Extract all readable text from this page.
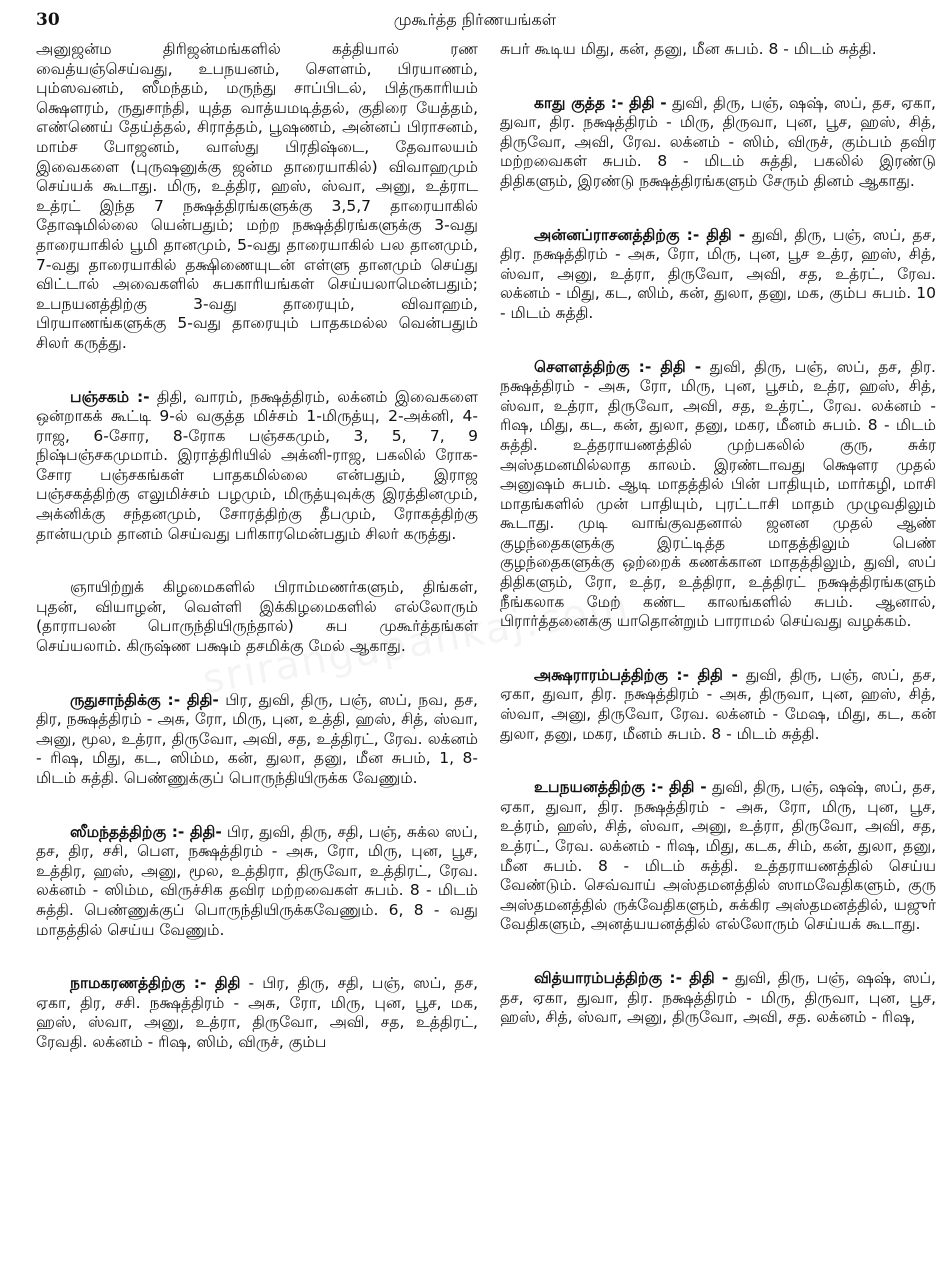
30	முகூர்த்த நிர்ணயங்கள்

அனுஜன்ம திரிஜன்மங்களில் கத்தியால் ரண வைத்யஞ்செய்வது, உபநயனம், சௌளம், பிரயாணம், பும்ஸவனம், ஸீமந்தம், மருந்து சாப்பிடல், பித்ருகாரியம் க்ஷௌரம், ருதுசாந்தி, யுத்த வாத்யமடித்தல், குதிரை யேத்தம், எண்ணெய் தேய்த்தல், சிராத்தம், பூஷணம், அன்னப் பிராசனம், மாம்ச போஜனம், வாஸ்து பிரதிஷ்டை, தேவாலயம் இவைகளை (புருஷனுக்கு ஜன்ம தாரையாகில்) விவாஹமும் செய்யக் கூடாது. மிரு, உத்திர, ஹஸ், ஸ்வா, அனு, உத்ராட உத்ரட் இந்த 7 நக்ஷத்திரங்களுக்கு 3,5,7 தாரையாகில் தோஷமில்லை யென்பதும்; மற்ற நக்ஷத்திரங்களுக்கு 3-வது தாரையாகில் பூமி தானமும், 5-வது தாரையாகில் பல தானமும், 7-வது தாரையாகில் தக்ஷிணையுடன் எள்ளு தானமும் செய்து விட்டால் அவைகளில் சுபகாரியங்கள் செய்யலாமென்பதும்; உபநயனத்திற்கு 3-வது தாரையும், விவாஹம், பிரயாணங்களுக்கு 5-வது தாரையும் பாதகமல்ல வென்பதும் சிலர் கருத்து.

பஞ்சகம் :- திதி, வாரம், நக்ஷத்திரம், லக்னம் இவைகளை ஒன்றாகக் கூட்டி 9-ல் வகுத்த மிச்சம் 1-மிருத்யு, 2-அக்னி, 4-ராஜ, 6-சோர, 8-ரோக பஞ்சகமும், 3, 5, 7, 9 நிஷ்பஞ்சகமுமாம். இராத்திரியில் அக்னி-ராஜ, பகலில் ரோக-சோர பஞ்சகங்கள் பாதகமில்லை என்பதும், இராஜ பஞ்சகத்திற்கு எலுமிச்சம் பழமும், மிருத்யுவுக்கு இரத்தினமும், அக்னிக்கு சந்தனமும், சோரத்திற்கு தீபமும், ரோகத்திற்கு தான்யமும் தானம் செய்வது பரிகாரமென்பதும் சிலர் கருத்து.

ஞாயிற்றுக் கிழமைகளில் பிராம்மணர்களும், திங்கள், புதன், வியாழன், வெள்ளி இக்கிழமைகளில் எல்லோரும் (தாராபலன் பொருந்தியிருந்தால்) சுப முகூர்த்தங்கள் செய்யலாம். கிருஷ்ண பக்ஷம் தசமிக்கு மேல் ஆகாது.

ருதுசாந்திக்கு :- திதி- பிர, துவி, திரு, பஞ், ஸப், நவ, தச, திர, நக்ஷத்திரம் - அசு, ரோ, மிரு, புன, உத்தி, ஹஸ், சித், ஸ்வா, அனு, மூல, உத்ரா, திருவோ, அவி, சத, உத்திரட், ரேவ. லக்னம் - ரிஷ, மிது, கட, ஸிம்ம, கன், துலா, தனு, மீன சுபம், 1, 8-மிடம் சுத்தி. பெண்ணுக்குப் பொருந்தியிருக்க வேணும்.

ஸீமந்தத்திற்கு :- திதி- பிர, துவி, திரு, சதி, பஞ், சுக்ல ஸப், தச, திர, சசி, பௌ, நக்ஷத்திரம் - அசு, ரோ, மிரு, புன, பூச, உத்திர, ஹஸ், அனு, மூல, உத்திரா, திருவோ, உத்திரட், ரேவ. லக்னம் - ஸிம்ம, விருச்சிக தவிர மற்றவைகள் சுபம். 8 - மிடம் சுத்தி. பெண்ணுக்குப் பொருந்தியிருக்கவேணும். 6, 8 - வது மாதத்தில் செய்ய வேணும்.

நாமகரணத்திற்கு :- திதி - பிர, திரு, சதி, பஞ், ஸப், தச, ஏகா, திர, சசி. நக்ஷத்திரம் - அசு, ரோ, மிரு, புன, பூச, மக, ஹஸ், ஸ்வா, அனு, உத்ரா, திருவோ, அவி, சத, உத்திரட், ரேவதி. லக்னம் - ரிஷ, ஸிம், விருச், கும்ப

சுபர் கூடிய மிது, கன், தனு, மீன சுபம். 8 - மிடம் சுத்தி.

காது குத்த :- திதி - துவி, திரு, பஞ், ஷஷ், ஸப், தச, ஏகா, துவா, திர. நக்ஷத்திரம் - மிரு, திருவா, புன, பூச, ஹஸ், சித், திருவோ, அவி, ரேவ. லக்னம் - ஸிம், விருச், கும்பம் தவிர மற்றவைகள் சுபம். 8 - மிடம் சுத்தி, பகலில் இரண்டு திதிகளும், இரண்டு நக்ஷத்திரங்களும் சேரும் தினம் ஆகாது.

அன்னப்ராசனத்திற்கு :- திதி - துவி, திரு, பஞ், ஸப், தச, திர. நக்ஷத்திரம் - அசு, ரோ, மிரு, புன, பூச உத்ர, ஹஸ், சித், ஸ்வா, அனு, உத்ரா, திருவோ, அவி, சத, உத்ரட், ரேவ. லக்னம் - மிது, கட, ஸிம், கன், துலா, தனு, மக, கும்ப சுபம். 10 - மிடம் சுத்தி.

சௌளத்திற்கு :- திதி - துவி, திரு, பஞ், ஸப், தச, திர. நக்ஷத்திரம் - அசு, ரோ, மிரு, புன, பூசம், உத்ர, ஹஸ், சித், ஸ்வா, உத்ரா, திருவோ, அவி, சத, உத்ரட், ரேவ. லக்னம் - ரிஷ, மிது, கட, கன், துலா, தனு, மகர, மீனம் சுபம். 8 - மிடம் சுத்தி. உத்தராயணத்தில் முற்பகலில் குரு, சுக்ர அஸ்தமனமில்லாத காலம். இரண்டாவது க்ஷௌர முதல் அனுஷம் சுபம். ஆடி மாதத்தில் பின் பாதியும், மார்கழி, மாசி மாதங்களில் முன் பாதியும், புரட்டாசி மாதம் முழுவதிலும் கூடாது. முடி வாங்குவதனால் ஜனன முதல் ஆண் குழந்தைகளுக்கு இரட்டித்த மாதத்திலும் பெண் குழந்தைகளுக்கு ஒற்றைக் கணக்கான மாதத்திலும், துவி, ஸப் திதிகளும், ரோ, உத்ர, உத்திரா, உத்திரட் நக்ஷத்திரங்களும் நீங்கலாக மேற் கண்ட காலங்களில் சுபம். ஆனால், பிரார்த்தனைக்கு யாதொன்றும் பாராமல் செய்வது வழக்கம்.

அக்ஷராரம்பத்திற்கு :- திதி - துவி, திரு, பஞ், ஸப், தச, ஏகா, துவா, திர. நக்ஷத்திரம் - அசு, திருவா, புன, ஹஸ், சித், ஸ்வா, அனு, திருவோ, ரேவ. லக்னம் - மேஷ, மிது, கட, கன் துலா, தனு, மகர, மீனம் சுபம். 8 - மிடம் சுத்தி.

உபநயனத்திற்கு :- திதி - துவி, திரு, பஞ், ஷஷ், ஸப், தச, ஏகா, துவா, திர. நக்ஷத்திரம் - அசு, ரோ, மிரு, புன, பூச, உத்ரம், ஹஸ், சித், ஸ்வா, அனு, உத்ரா, திருவோ, அவி, சத, உத்ரட், ரேவ. லக்னம் - ரிஷ, மிது, கடக, சிம், கன், துலா, தனு, மீன சுபம். 8 - மிடம் சுத்தி. உத்தராயணத்தில் செய்ய வேண்டும். செவ்வாய் அஸ்தமனத்தில் ஸாமவேதிகளும், குரு அஸ்தமனத்தில் ருக்வேதிகளும், சுக்கிர அஸ்தமனத்தில், யஜுர் வேதிகளும், அனத்யயனத்தில் எல்லோரும் செய்யக் கூடாது.

வித்யாரம்பத்திற்கு :- திதி - துவி, திரு, பஞ், ஷஷ், ஸப், தச, ஏகா, துவா, திர. நக்ஷத்திரம் - மிரு, திருவா, புன, பூச, ஹஸ், சித், ஸ்வா, அனு, திருவோ, அவி, சத. லக்னம் - ரிஷ,
